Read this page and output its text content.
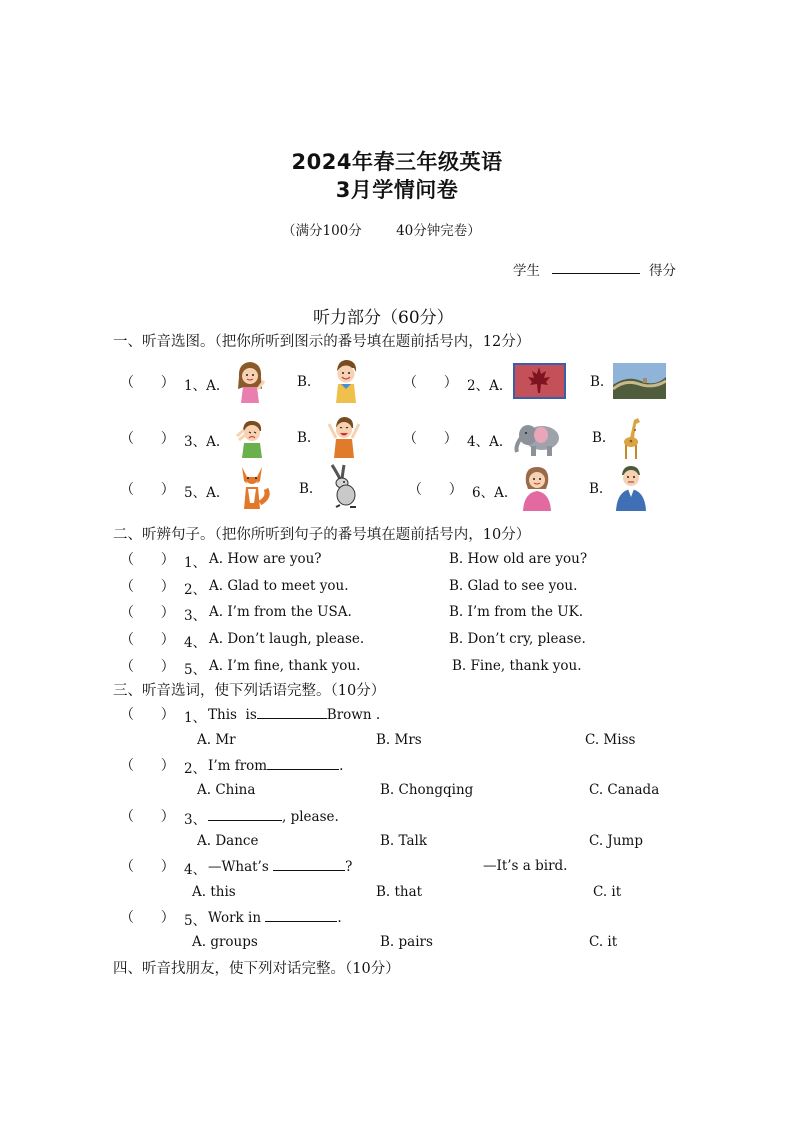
2024年春三年级英语
3月学情问卷
（满分100分        40分钟完卷）
学生	得分
听力部分（60分）
一、听音选图。（把你所听到图示的番号填在题前括号内，12分）
（      ） 1、A.	B.	（      ） 2、A.	B.
（      ） 3、A.	B.	（      ） 4、A.	B.
（      ） 5、A.	B.	（      ） 6、A.	B.
二、听辨句子。（把你所听到句子的番号填在题前括号内，10分）
（      ） 1、 A. How are you?	B. How old are you?
（      ） 2、 A. Glad to meet you.	B. Glad to see you.
（      ） 3、 A. I’m from the USA.	B. I’m from the UK.
（      ） 4、 A. Don’t laugh, please.	B. Don’t cry, please.
（      ） 5、 A. I’m fine, thank you.	B. Fine, thank you.
三、听音选词，使下列话语完整。（10分）
（      ） 1、 This  is	Brown .
A. Mr	B. Mrs	C. Miss
（      ） 2、 I’m from	.
A. China	B. Chongqing	C. Canada
（      ） 3、	, please.
A. Dance	B. Talk	C. Jump
（      ） 4、 —What’s	?	—It’s a bird.
A. this	B. that	C. it
（      ） 5、 Work in	.
A. groups	B. pairs	C. it
四、听音找朋友，使下列对话完整。（10分）
